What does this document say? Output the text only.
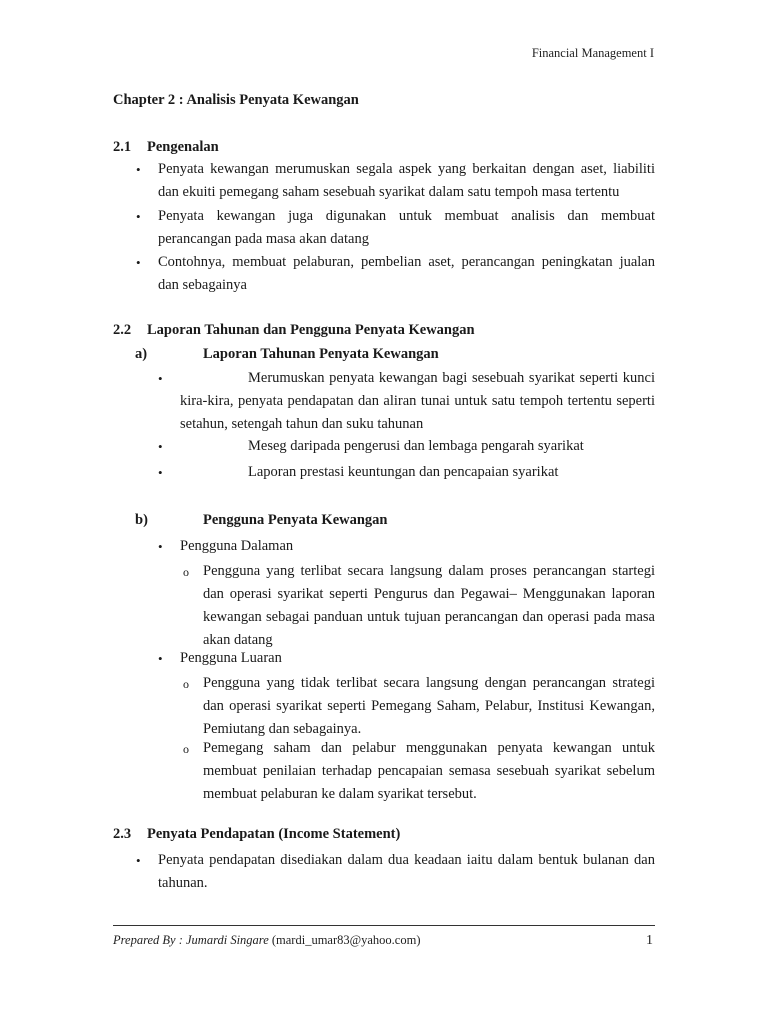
Financial Management I
Chapter 2 : Analisis Penyata Kewangan
2.1 Pengenalan
• Penyata kewangan merumuskan segala aspek yang berkaitan dengan aset, liabiliti dan ekuiti pemegang saham sesebuah syarikat dalam satu tempoh masa tertentu
• Penyata kewangan juga digunakan untuk membuat analisis dan membuat perancangan pada masa akan datang
• Contohnya, membuat pelaburan, pembelian aset, perancangan peningkatan jualan dan sebagainya
2.2 Laporan Tahunan dan Pengguna Penyata Kewangan
a)	Laporan Tahunan Penyata Kewangan
•	Merumuskan penyata kewangan bagi sesebuah syarikat seperti kunci kira-kira, penyata pendapatan dan aliran tunai untuk satu tempoh tertentu seperti setahun, setengah tahun dan suku tahunan
•	Meseg daripada pengerusi dan lembaga pengarah syarikat
•	Laporan prestasi keuntungan dan pencapaian syarikat
b)	Pengguna Penyata Kewangan
• Pengguna Dalaman
o Pengguna yang terlibat secara langsung dalam proses perancangan startegi dan operasi syarikat seperti Pengurus dan Pegawai– Menggunakan laporan kewangan sebagai panduan untuk tujuan perancangan dan operasi pada masa akan datang
• Pengguna Luaran
o Pengguna yang tidak terlibat secara langsung dengan perancangan strategi dan operasi syarikat seperti Pemegang Saham, Pelabur, Institusi Kewangan, Pemiutang dan sebagainya.
o Pemegang saham dan pelabur menggunakan penyata kewangan untuk membuat penilaian terhadap pencapaian semasa sesebuah syarikat sebelum membuat pelaburan ke dalam syarikat tersebut.
2.3 Penyata Pendapatan (Income Statement)
• Penyata pendapatan disediakan dalam dua keadaan iaitu dalam bentuk bulanan dan tahunan.
Prepared By : Jumardi Singare (mardi_umar83@yahoo.com)	1
